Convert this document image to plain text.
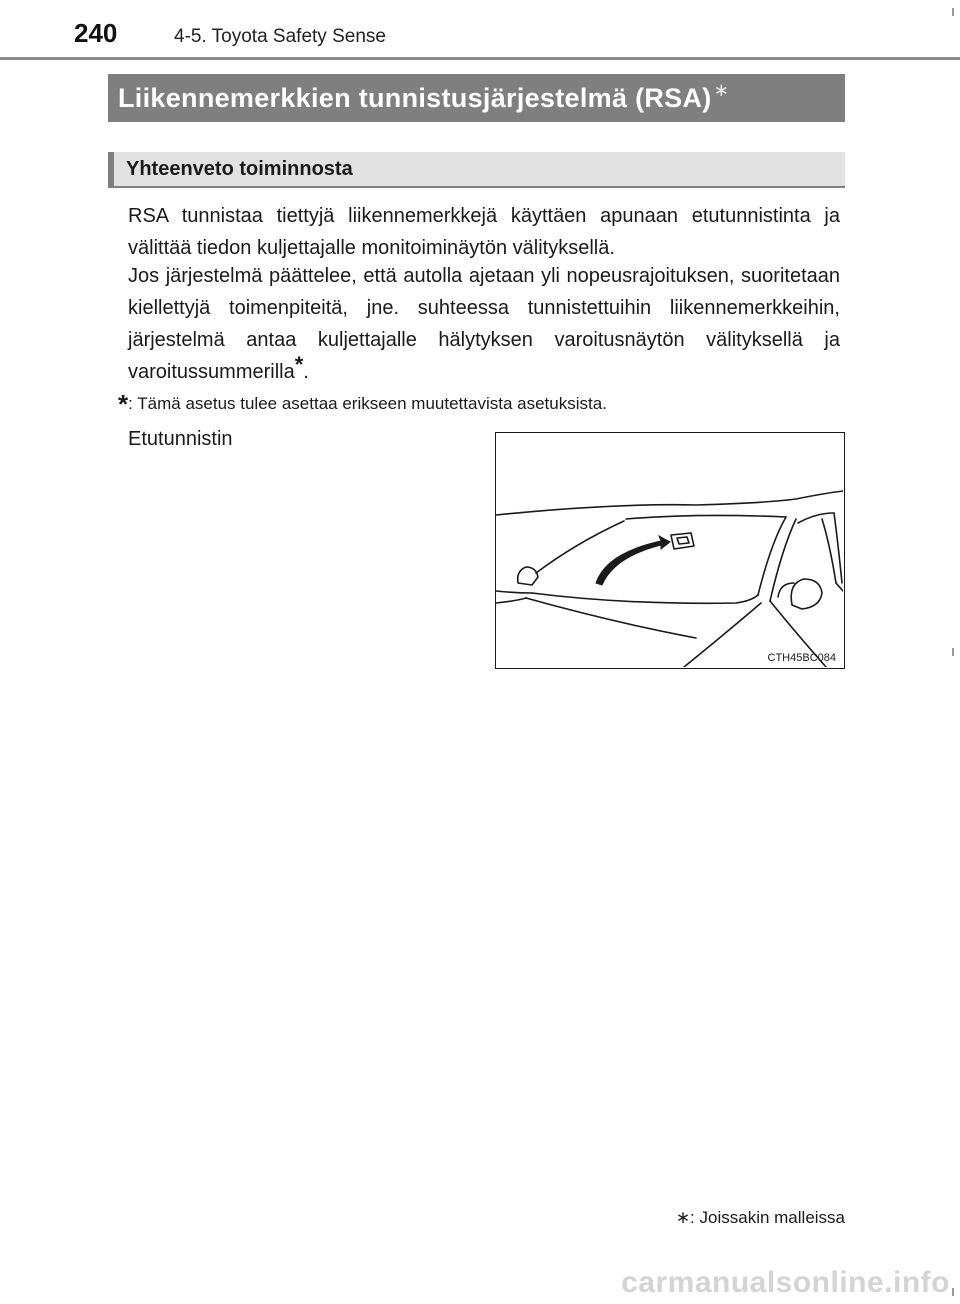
240	4-5. Toyota Safety Sense
Liikennemerkkien tunnistusjärjestelmä (RSA) ∗
Yhteenveto toiminnosta
RSA tunnistaa tiettyjä liikennemerkkejä käyttäen apunaan etutunnistinta ja välittää tiedon kuljettajalle monitoiminäytön välityksellä.
Jos järjestelmä päättelee, että autolla ajetaan yli nopeusrajoituksen, suoritetaan kiellettyjä toimenpiteitä, jne. suhteessa tunnistettuihin liikennemerkkeihin, järjestelmä antaa kuljettajalle hälytyksen varoitusnäytön välityksellä ja varoitussummerilla*.
*: Tämä asetus tulee asettaa erikseen muutettavista asetuksista.
Etutunnistin
CTH45BC084
∗: Joissakin malleissa
carmanualsonline.info
